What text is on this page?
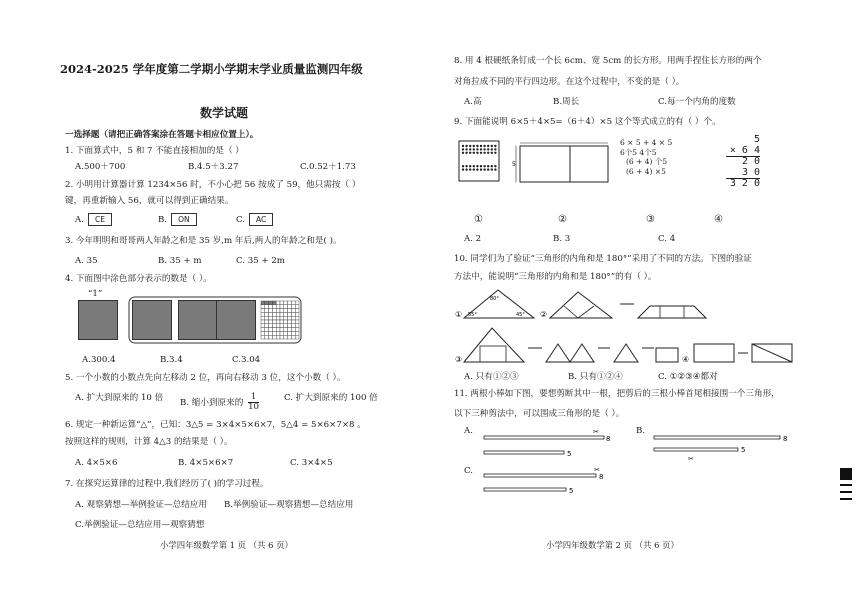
2024-2025 学年度第二学期小学期末学业质量监测四年级
数学试题
一选择题（请把正确答案涂在答题卡相应位置上）。
1. 下面算式中，5 和 7 不能直接相加的是（ ）
A.500＋700	B.4.5＋3.27	C.0.52＋1.73
2. 小明用计算器计算 1234×56 时，不小心把 56 按成了 59，他只需按（ ）
键，再重新输入 56，就可以得到正确结果。
A. CE	B. ON	C. AC
3. 今年明明和哥哥两人年龄之和是 35 岁,m 年后,两人的年龄之和是( )。
A. 35	B. 35 + m	C. 35 + 2m
4. 下面图中涂色部分表示的数是（ ）。
“1”
A.300.4	B.3.4	C.3.04
5. 一个小数的小数点先向左移动 2 位，再向右移动 3 位，这个小数（ ）。
A. 扩大到原来的 10 倍 B. 缩小到原来的 $\frac{1}{10}$	C. 扩大到原来的 100 倍
6. 规定一种新运算“△”，已知：3△5 = 3×4×5×6×7，5△4 = 5×6×7×8 。
按照这样的规则，计算 4△3 的结果是（ ）。
A. 4×5×6	B. 4×5×6×7	C. 3×4×5
7. 在探究运算律的过程中,我们经历了( )的学习过程。
A. 观察猜想—举例验证—总结应用 B.举例验证—观察猜想—总结应用
C.举例验证—总结应用—观察猜想
小学四年级数学第 1 页 （共 6 页）
8. 用 4 根硬纸条钉成一个长 6cm、宽 5cm 的长方形。用两手捏住长方形的两个
对角拉成不同的平行四边形。在这个过程中，不变的是（ ）。
A.高	B.周长	C.每一个内角的度数
9. 下面能说明 6×5＋4×5=（6＋4）×5 这个等式成立的有（ ）个。
5
6 × 5 + 4 × 5
6个5 4个5
(6 + 4) 个5
(6 + 4) ×5
5
× 6 4
2 0
3 0
3 2 0
①	②	③	④
A. 2	B. 3	C. 4
10. 同学们为了验证“三角形的内角和是 180°”采用了不同的方法。下图的验证
方法中，能说明“三角形的内角和是 180°”的有（ ）。
①
80°
55°	45° ②
③	④
A. 只有①②③	B. 只有①②④	C. ①②③④都对
11. 两根小棒如下图，要想剪断其中一根，把剪后的三根小棒首尾相接围一个三角形，
以下三种剪法中，可以围成三角形的是（ ）。
A.
8
✂
5
B.
8
5
✂
C.
8
✂
5
小学四年级数学第 2 页 （共 6 页）
